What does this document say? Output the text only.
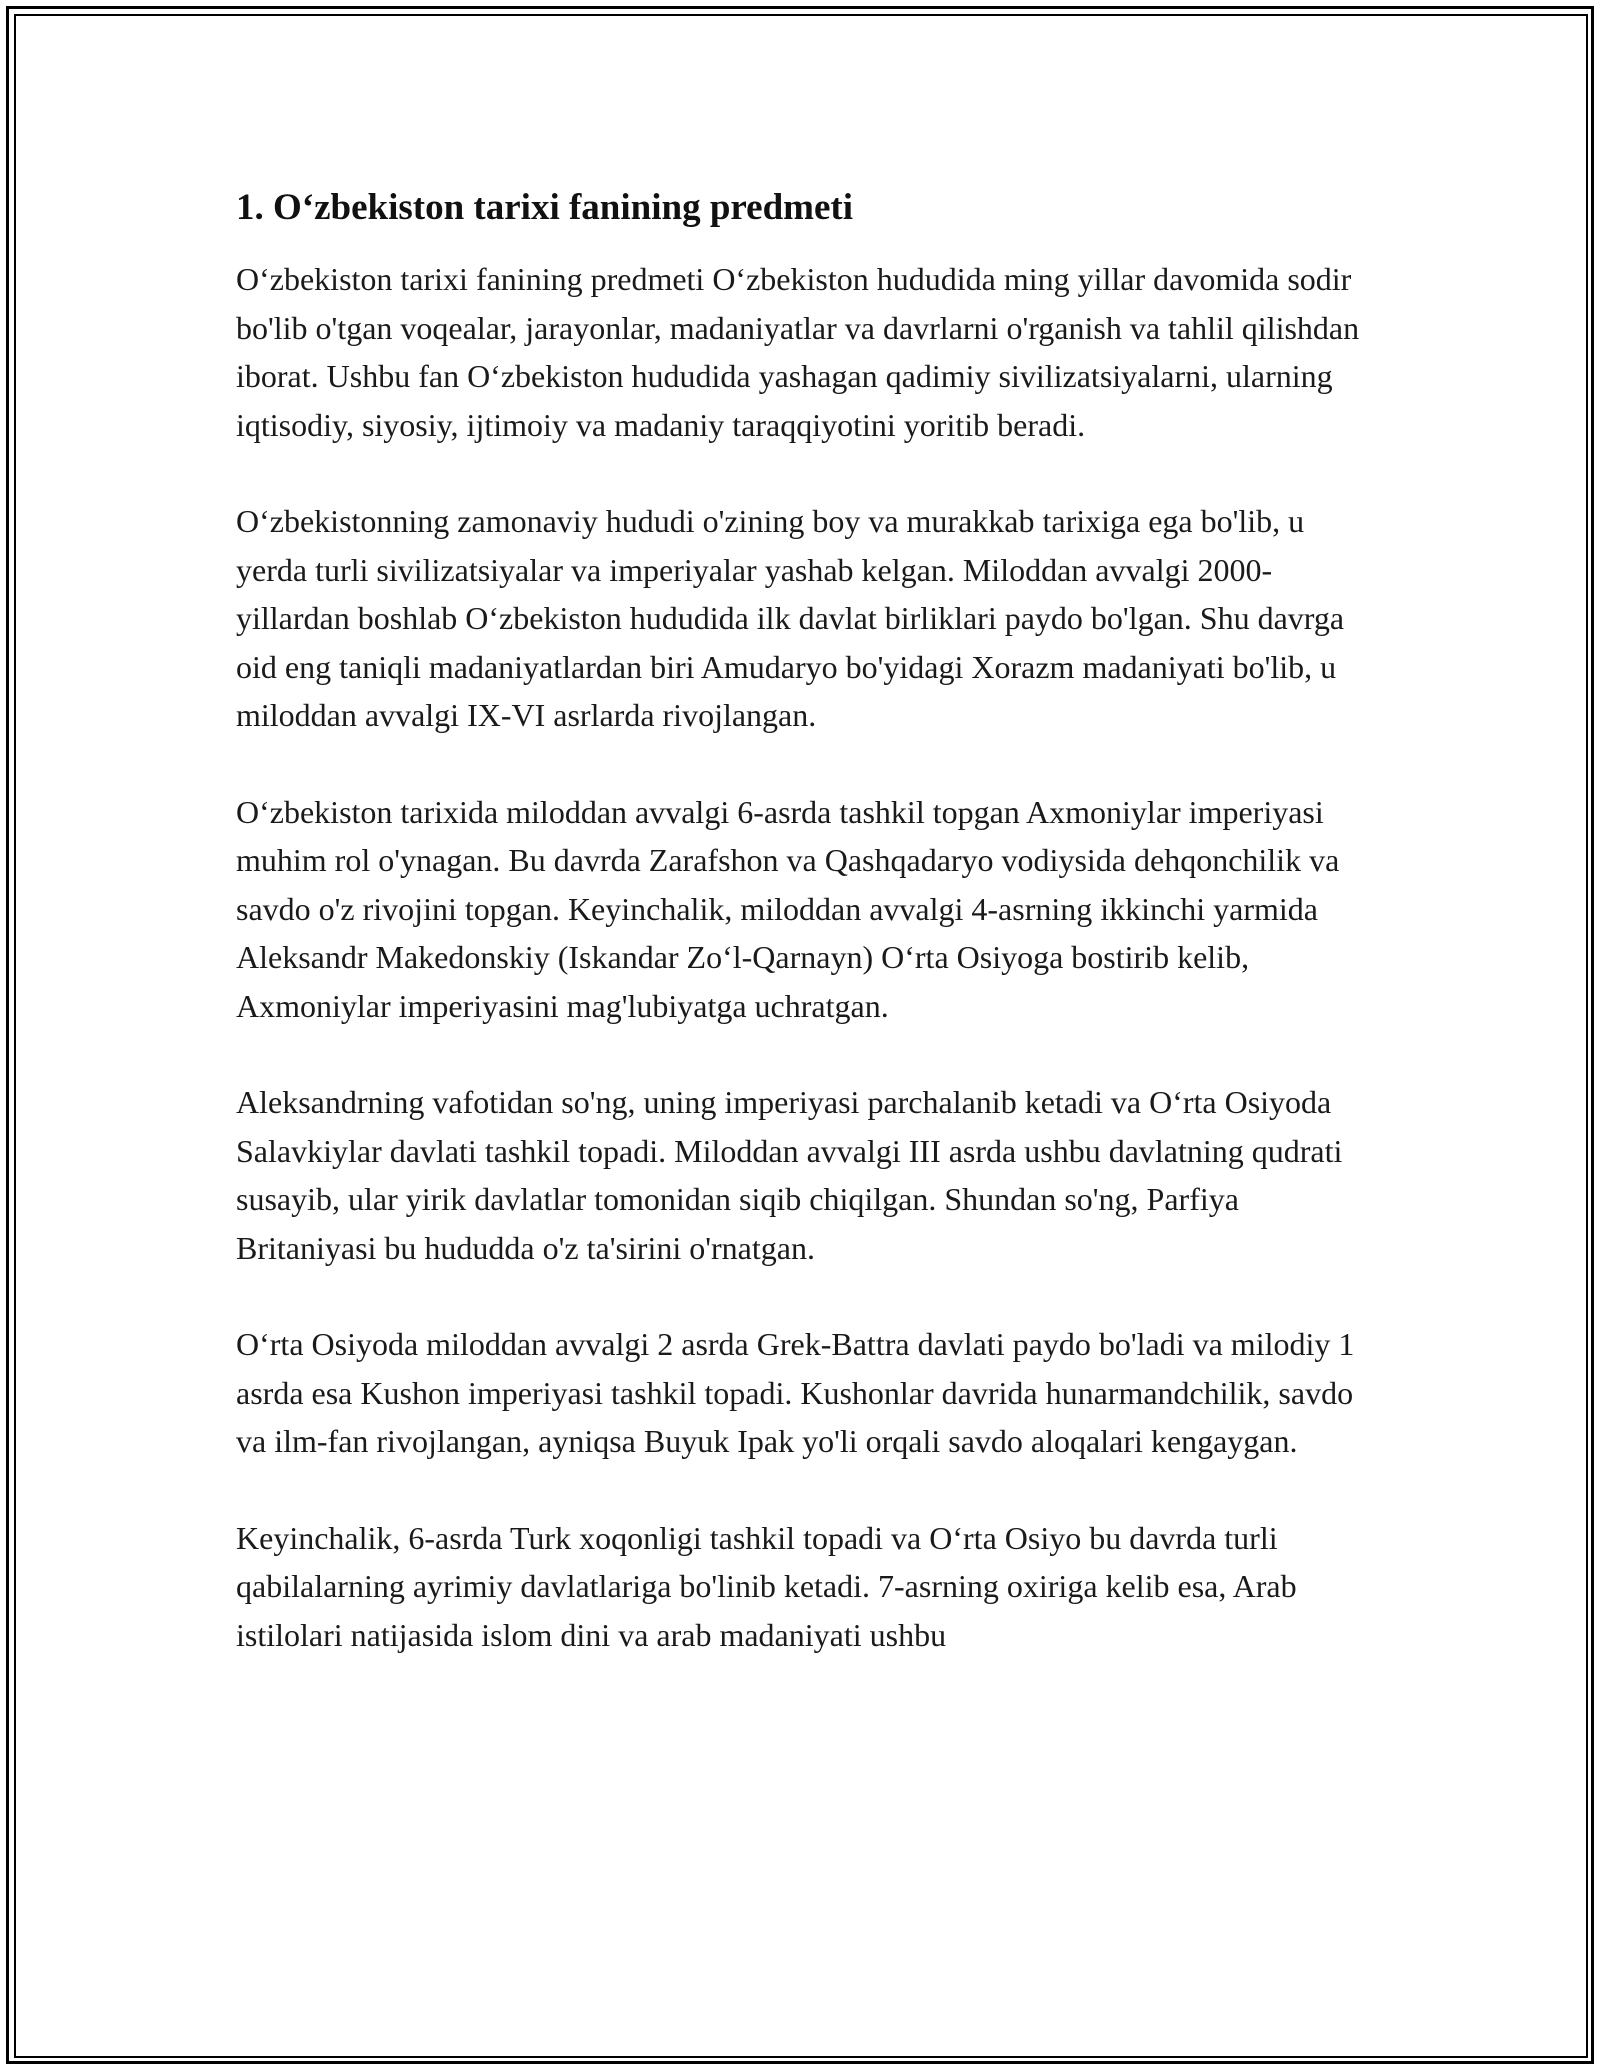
1. O‘zbekiston tarixi fanining predmeti

O‘zbekiston tarixi fanining predmeti O‘zbekiston hududida ming yillar davomida sodir bo'lib o'tgan voqealar, jarayonlar, madaniyatlar va davrlarni o'rganish va tahlil qilishdan iborat. Ushbu fan O‘zbekiston hududida yashagan qadimiy sivilizatsiyalarni, ularning iqtisodiy, siyosiy, ijtimoiy va madaniy taraqqiyotini yoritib beradi.

O‘zbekistonning zamonaviy hududi o'zining boy va murakkab tarixiga ega bo'lib, u yerda turli sivilizatsiyalar va imperiyalar yashab kelgan. Miloddan avvalgi 2000-yillardan boshlab O‘zbekiston hududida ilk davlat birliklari paydo bo'lgan. Shu davrga oid eng taniqli madaniyatlardan biri Amudaryo bo'yidagi Xorazm madaniyati bo'lib, u miloddan avvalgi IX-VI asrlarda rivojlangan.

O‘zbekiston tarixida miloddan avvalgi 6-asrda tashkil topgan Axmoniylar imperiyasi muhim rol o'ynagan. Bu davrda Zarafshon va Qashqadaryo vodiysida dehqonchilik va savdo o'z rivojini topgan. Keyinchalik, miloddan avvalgi 4-asrning ikkinchi yarmida Aleksandr Makedonskiy (Iskandar Zo‘l-Qarnayn) O‘rta Osiyoga bostirib kelib, Axmoniylar imperiyasini mag'lubiyatga uchratgan.

Aleksandrning vafotidan so'ng, uning imperiyasi parchalanib ketadi va O‘rta Osiyoda Salavkiylar davlati tashkil topadi. Miloddan avvalgi III asrda ushbu davlatning qudrati susayib, ular yirik davlatlar tomonidan siqib chiqilgan. Shundan so'ng, Parfiya Britaniyasi bu hududda o'z ta'sirini o'rnatgan.

O‘rta Osiyoda miloddan avvalgi 2 asrda Grek-Battra davlati paydo bo'ladi va milodiy 1 asrda esa Kushon imperiyasi tashkil topadi. Kushonlar davrida hunarmandchilik, savdo va ilm-fan rivojlangan, ayniqsa Buyuk Ipak yo'li orqali savdo aloqalari kengaygan.

Keyinchalik, 6-asrda Turk xoqonligi tashkil topadi va O‘rta Osiyo bu davrda turli qabilalarning ayrimiy davlatlariga bo'linib ketadi. 7-asrning oxiriga kelib esa, Arab istilolari natijasida islom dini va arab madaniyati ushbu
